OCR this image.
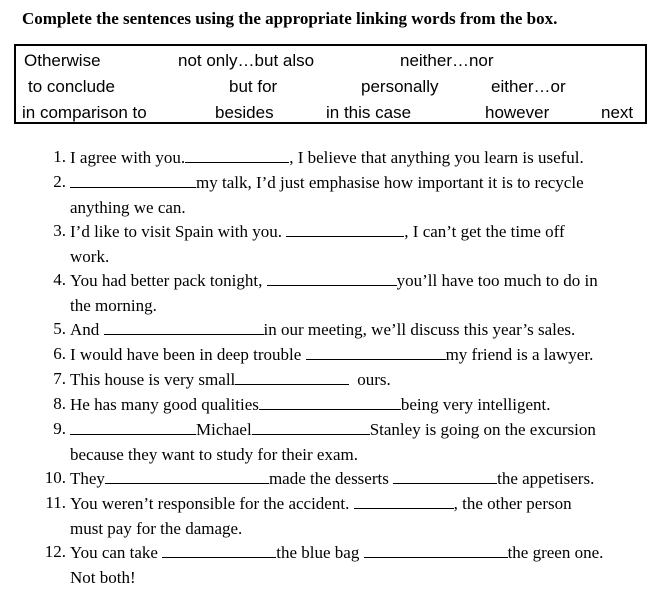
Complete the sentences using the appropriate linking words from the box.
Otherwise	not only…but also	neither…nor
to conclude	but for	personally	either…or
in comparison to	besides	in this case	however	next
1. I agree with you.	, I believe that anything you learn is useful.
2.	my talk, I’d just emphasise how important it is to recycle
anything we can.
3. I’d like to visit Spain with you.	, I can’t get the time off
work.
4. You had better pack tonight,	you’ll have too much to do in
the morning.
5. And	in our meeting, we’ll discuss this year’s sales.
6. I would have been in deep trouble	my friend is a lawyer.
7. This house is very small	ours.
8. He has many good qualities	being very intelligent.
9.	Michael	Stanley is going on the excursion
because they want to study for their exam.
10. They	made the desserts	the appetisers.
11. You weren’t responsible for the accident.	, the other person
must pay for the damage.
12. You can take	the blue bag	the green one.
Not both!
